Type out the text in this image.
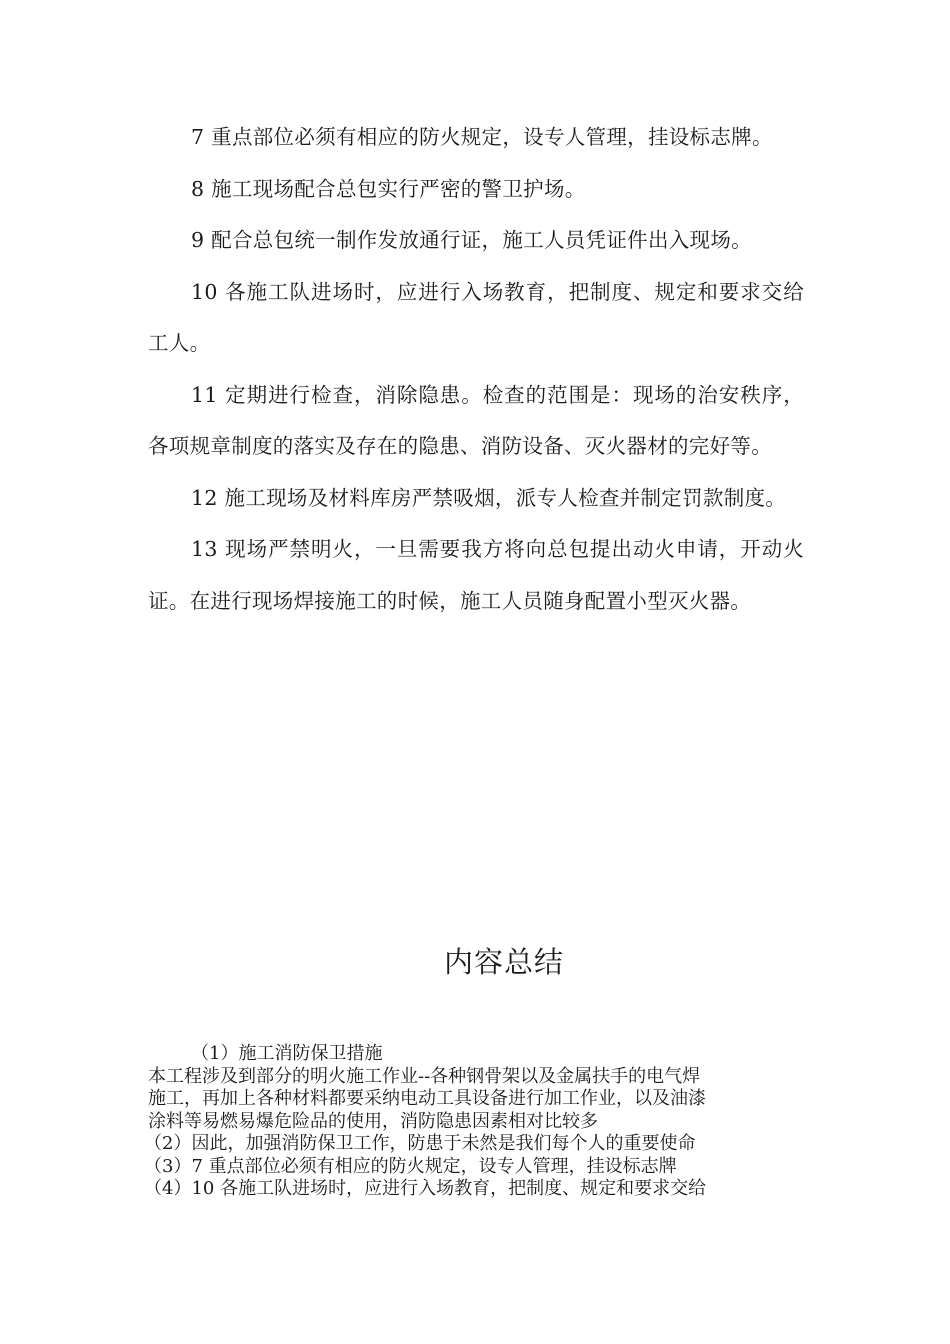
7 重点部位必须有相应的防火规定，设专人管理，挂设标志牌。

8 施工现场配合总包实行严密的警卫护场。

9 配合总包统一制作发放通行证，施工人员凭证件出入现场。

10 各施工队进场时，应进行入场教育，把制度、规定和要求交给工人。

11 定期进行检查，消除隐患。检查的范围是：现场的治安秩序，各项规章制度的落实及存在的隐患、消防设备、灭火器材的完好等。

12 施工现场及材料库房严禁吸烟，派专人检查并制定罚款制度。

13 现场严禁明火，一旦需要我方将向总包提出动火申请，开动火证。在进行现场焊接施工的时候，施工人员随身配置小型灭火器。

内容总结

（1）施工消防保卫措施

本工程涉及到部分的明火施工作业--各种钢骨架以及金属扶手的电气焊

施工，再加上各种材料都要采纳电动工具设备进行加工作业，以及油漆

涂料等易燃易爆危险品的使用，消防隐患因素相对比较多

（2）因此，加强消防保卫工作，防患于未然是我们每个人的重要使命

（3）7 重点部位必须有相应的防火规定，设专人管理，挂设标志牌

（4）10 各施工队进场时，应进行入场教育，把制度、规定和要求交给
